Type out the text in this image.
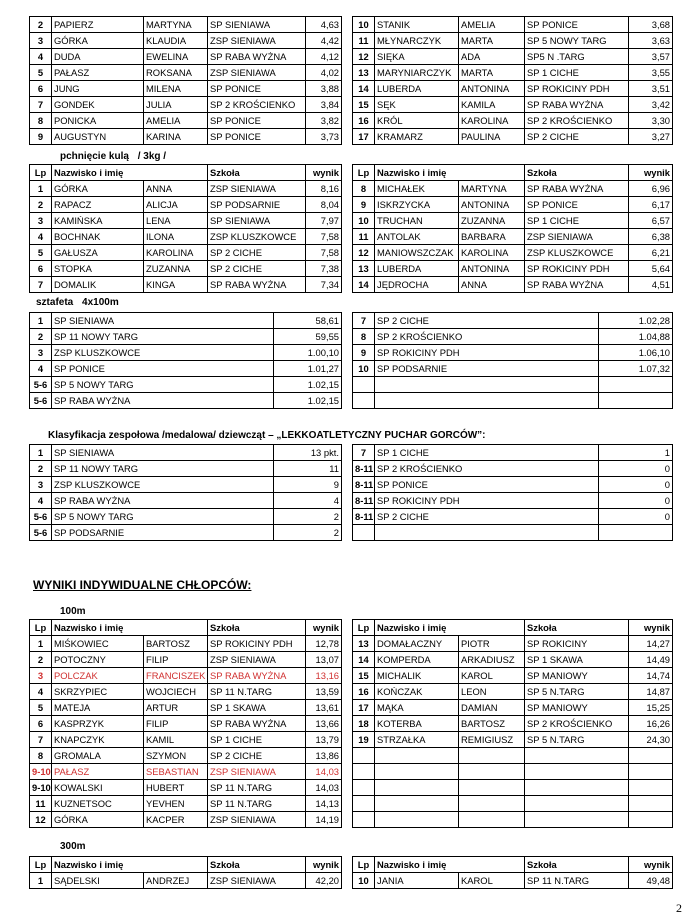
2	PAPIERZ	MARTYNA	SP SIENIAWA	4,63
3	GÓRKA	KLAUDIA	ZSP SIENIAWA	4,42
4	DUDA	EWELINA	SP RABA WYŻNA	4,12
5	PAŁASZ	ROKSANA	ZSP SIENIAWA	4,02
6	JUNG	MILENA	SP PONICE	3,88
7	GONDEK	JULIA	SP 2 KROŚCIENKO	3,84
8	PONICKA	AMELIA	SP PONICE	3,82
9	AUGUSTYN	KARINA	SP PONICE	3,73
10	STANIK	AMELIA	SP PONICE	3,68
11	MŁYNARCZYK	MARTA	SP 5 NOWY TARG	3,63
12	SIĘKA	ADA	SP5 N .TARG	3,57
13	MARYNIARCZYK	MARTA	SP 1 CICHE	3,55
14	LUBERDA	ANTONINA	SP ROKICINY PDH	3,51
15	SĘK	KAMILA	SP RABA WYŻNA	3,42
16	KRÓL	KAROLINA	SP 2 KROŚCIENKO	3,30
17	KRAMARZ	PAULINA	SP 2 CICHE	3,27
pchnięcie kulą / 3kg /
Lp	Nazwisko i imię		Szkoła	wynik
1	GÓRKA	ANNA	ZSP SIENIAWA	8,16
2	RAPACZ	ALICJA	SP PODSARNIE	8,04
3	KAMIŃSKA	LENA	SP SIENIAWA	7,97
4	BOCHNAK	ILONA	ZSP KLUSZKOWCE	7,58
5	GAŁUSZA	KAROLINA	SP 2 CICHE	7,58
6	STOPKA	ZUZANNA	SP 2 CICHE	7,38
7	DOMALIK	KINGA	SP RABA WYŻNA	7,34
Lp	Nazwisko i imię		Szkoła	wynik
8	MICHAŁEK	MARTYNA	SP RABA WYŻNA	6,96
9	ISKRZYCKA	ANTONINA	SP PONICE	6,17
10	TRUCHAN	ZUZANNA	SP 1 CICHE	6,57
11	ANTOLAK	BARBARA	ZSP SIENIAWA	6,38
12	MANIOWSZCZAK	KAROLINA	ZSP KLUSZKOWCE	6,21
13	LUBERDA	ANTONINA	SP ROKICINY PDH	5,64
14	JĘDROCHA	ANNA	SP RABA WYŻNA	4,51
sztafeta 4x100m
1	SP SIENIAWA	58,61
2	SP 11 NOWY TARG	59,55
3	ZSP KLUSZKOWCE	1.00,10
4	SP PONICE	1.01,27
5-6	SP 5 NOWY TARG	1.02,15
5-6	SP RABA WYŻNA	1.02,15
7	SP 2 CICHE	1.02,28
8	SP 2 KROŚCIENKO	1.04,88
9	SP ROKICINY PDH	1.06,10
10	SP PODSARNIE	1.07,32

Klasyfikacja zespołowa /medalowa/ dziewcząt – „LEKKOATLETYCZNY PUCHAR GORCÓW”:
1	SP SIENIAWA	13 pkt.
2	SP 11 NOWY TARG	11
3	ZSP KLUSZKOWCE	9
4	SP RABA WYŻNA	4
5-6	SP 5 NOWY TARG	2
5-6	SP PODSARNIE	2
7	SP 1 CICHE	1
8-11	SP 2 KROŚCIENKO	0
8-11	SP PONICE	0
8-11	SP ROKICINY PDH	0
8-11	SP 2 CICHE	0

WYNIKI INDYWIDUALNE CHŁOPCÓW:
100m
Lp	Nazwisko i imię		Szkoła	wynik
1	MIŚKOWIEC	BARTOSZ	SP ROKICINY PDH	12,78
2	POTOCZNY	FILIP	ZSP SIENIAWA	13,07
3	POLCZAK	FRANCISZEK	SP RABA WYŻNA	13,16
4	SKRZYPIEC	WOJCIECH	SP 11 N.TARG	13,59
5	MATEJA	ARTUR	SP 1 SKAWA	13,61
6	KASPRZYK	FILIP	SP RABA WYŻNA	13,66
7	KNAPCZYK	KAMIL	SP 1 CICHE	13,79
8	GROMALA	SZYMON	SP 2 CICHE	13,86
9-10	PAŁASZ	SEBASTIAN	ZSP SIENIAWA	14,03
9-10	KOWALSKI	HUBERT	SP 11 N.TARG	14,03
11	KUZNETSOC	YEVHEN	SP 11 N.TARG	14,13
12	GÓRKA	KACPER	ZSP SIENIAWA	14,19
Lp	Nazwisko i imię		Szkoła	wynik
13	DOMAŁACZNY	PIOTR	SP ROKICINY	14,27
14	KOMPERDA	ARKADIUSZ	SP 1 SKAWA	14,49
15	MICHALIK	KAROL	SP MANIOWY	14,74
16	KOŃCZAK	LEON	SP 5 N.TARG	14,87
17	MĄKA	DAMIAN	SP MANIOWY	15,25
18	KOTERBA	BARTOSZ	SP 2 KROŚCIENKO	16,26
19	STRZAŁKA	REMIGIUSZ	SP 5 N.TARG	24,30

300m
Lp	Nazwisko i imię		Szkoła	wynik
1	SĄDELSKI	ANDRZEJ	ZSP SIENIAWA	42,20
Lp	Nazwisko i imię		Szkoła	wynik
10	JANIA	KAROL	SP 11 N.TARG	49,48
2
